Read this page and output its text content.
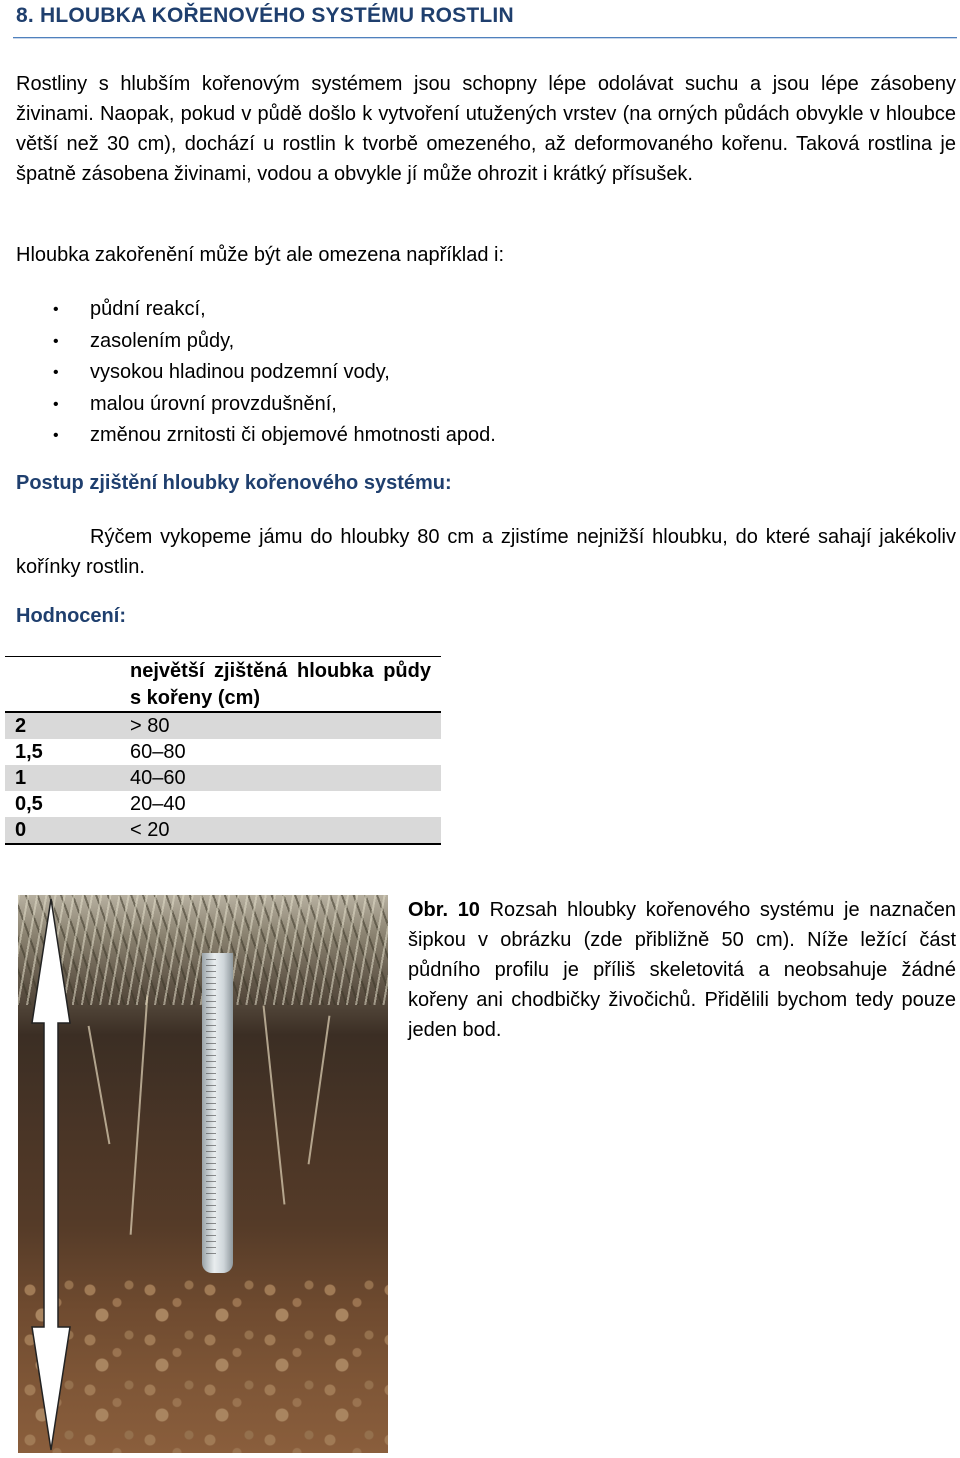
8. HLOUBKA KOŘENOVÉHO SYSTÉMU ROSTLIN

Rostliny s hlubším kořenovým systémem jsou schopny lépe odolávat suchu a jsou lépe zásobeny živinami. Naopak, pokud v půdě došlo k vytvoření utužených vrstev (na orných půdách obvykle v hloubce větší než 30 cm), dochází u rostlin k tvorbě omezeného, až deformovaného kořenu. Taková rostlina je špatně zásobena živinami, vodou a obvykle jí může ohrozit i krátký přísušek.

Hloubka zakořenění může být ale omezena například i:

• půdní reakcí,
• zasolením půdy,
• vysokou hladinou podzemní vody,
• malou úrovní provzdušnění,
• změnou zrnitosti či objemové hmotnosti apod.
Postup zjištění hloubky kořenového systému:

Rýčem vykopeme jámu do hloubky 80 cm a zjistíme nejnižší hloubku, do které sahají jakékoliv kořínky rostlin.

Hodnocení:
největší zjištěná hloubka půdy s kořeny (cm)
2	> 80
1,5	60–80
1	40–60
0,5	20–40
0	< 20

Obr. 10 Rozsah hloubky kořenového systému je naznačen šipkou v obrázku (zde přibližně 50 cm). Níže ležící část půdního profilu je příliš skeletovitá a neobsahuje žádné kořeny ani chodbičky živočichů. Přidělili bychom tedy pouze jeden bod.
